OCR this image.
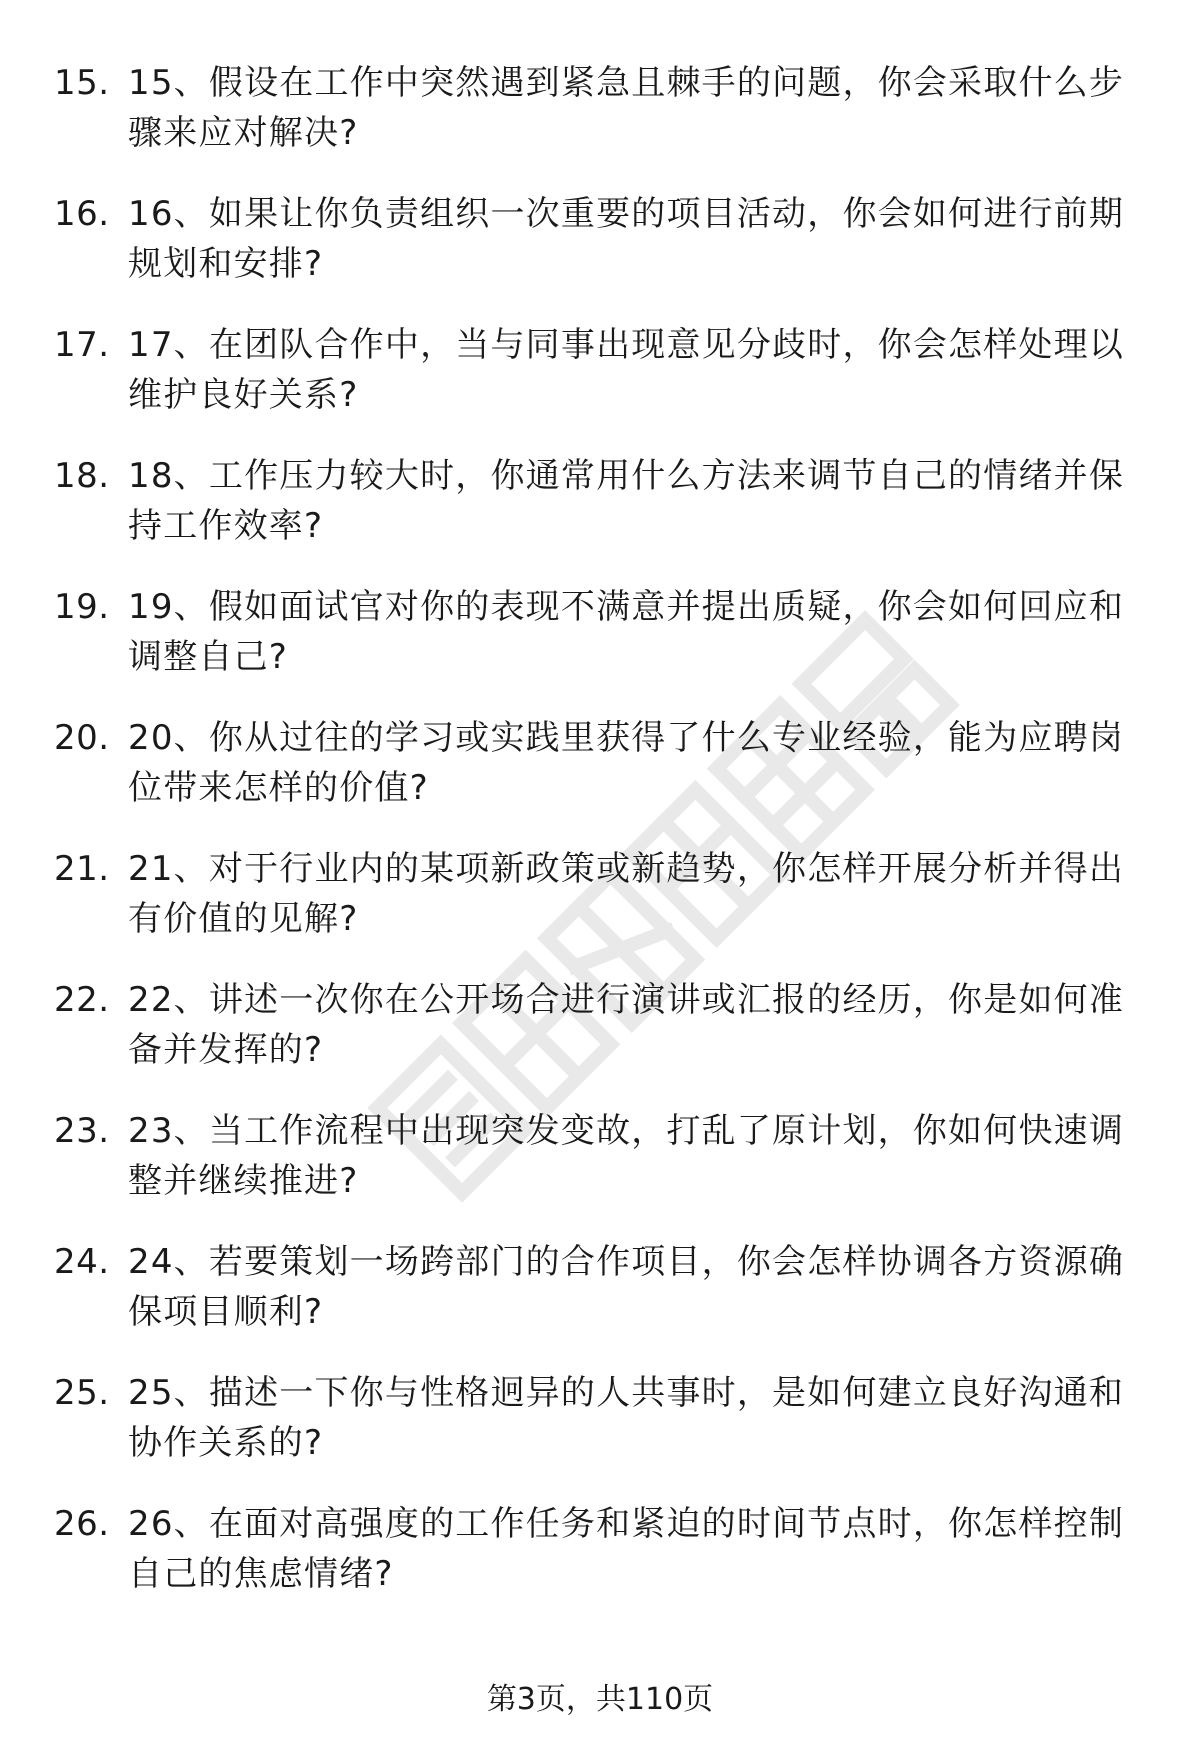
职场密码出品
15. 15、假设在工作中突然遇到紧急且棘手的问题，你会采取什么步骤来应对解决?
16. 16、如果让你负责组织一次重要的项目活动，你会如何进行前期规划和安排?
17. 17、在团队合作中，当与同事出现意见分歧时，你会怎样处理以维护良好关系?
18. 18、工作压力较大时，你通常用什么方法来调节自己的情绪并保持工作效率?
19. 19、假如面试官对你的表现不满意并提出质疑，你会如何回应和调整自己?
20. 20、你从过往的学习或实践里获得了什么专业经验，能为应聘岗位带来怎样的价值?
21. 21、对于行业内的某项新政策或新趋势，你怎样开展分析并得出有价值的见解?
22. 22、讲述一次你在公开场合进行演讲或汇报的经历，你是如何准备并发挥的?
23. 23、当工作流程中出现突发变故，打乱了原计划，你如何快速调整并继续推进?
24. 24、若要策划一场跨部门的合作项目，你会怎样协调各方资源确保项目顺利?
25. 25、描述一下你与性格迥异的人共事时，是如何建立良好沟通和协作关系的?
26. 26、在面对高强度的工作任务和紧迫的时间节点时，你怎样控制自己的焦虑情绪?
第3页，共110页
